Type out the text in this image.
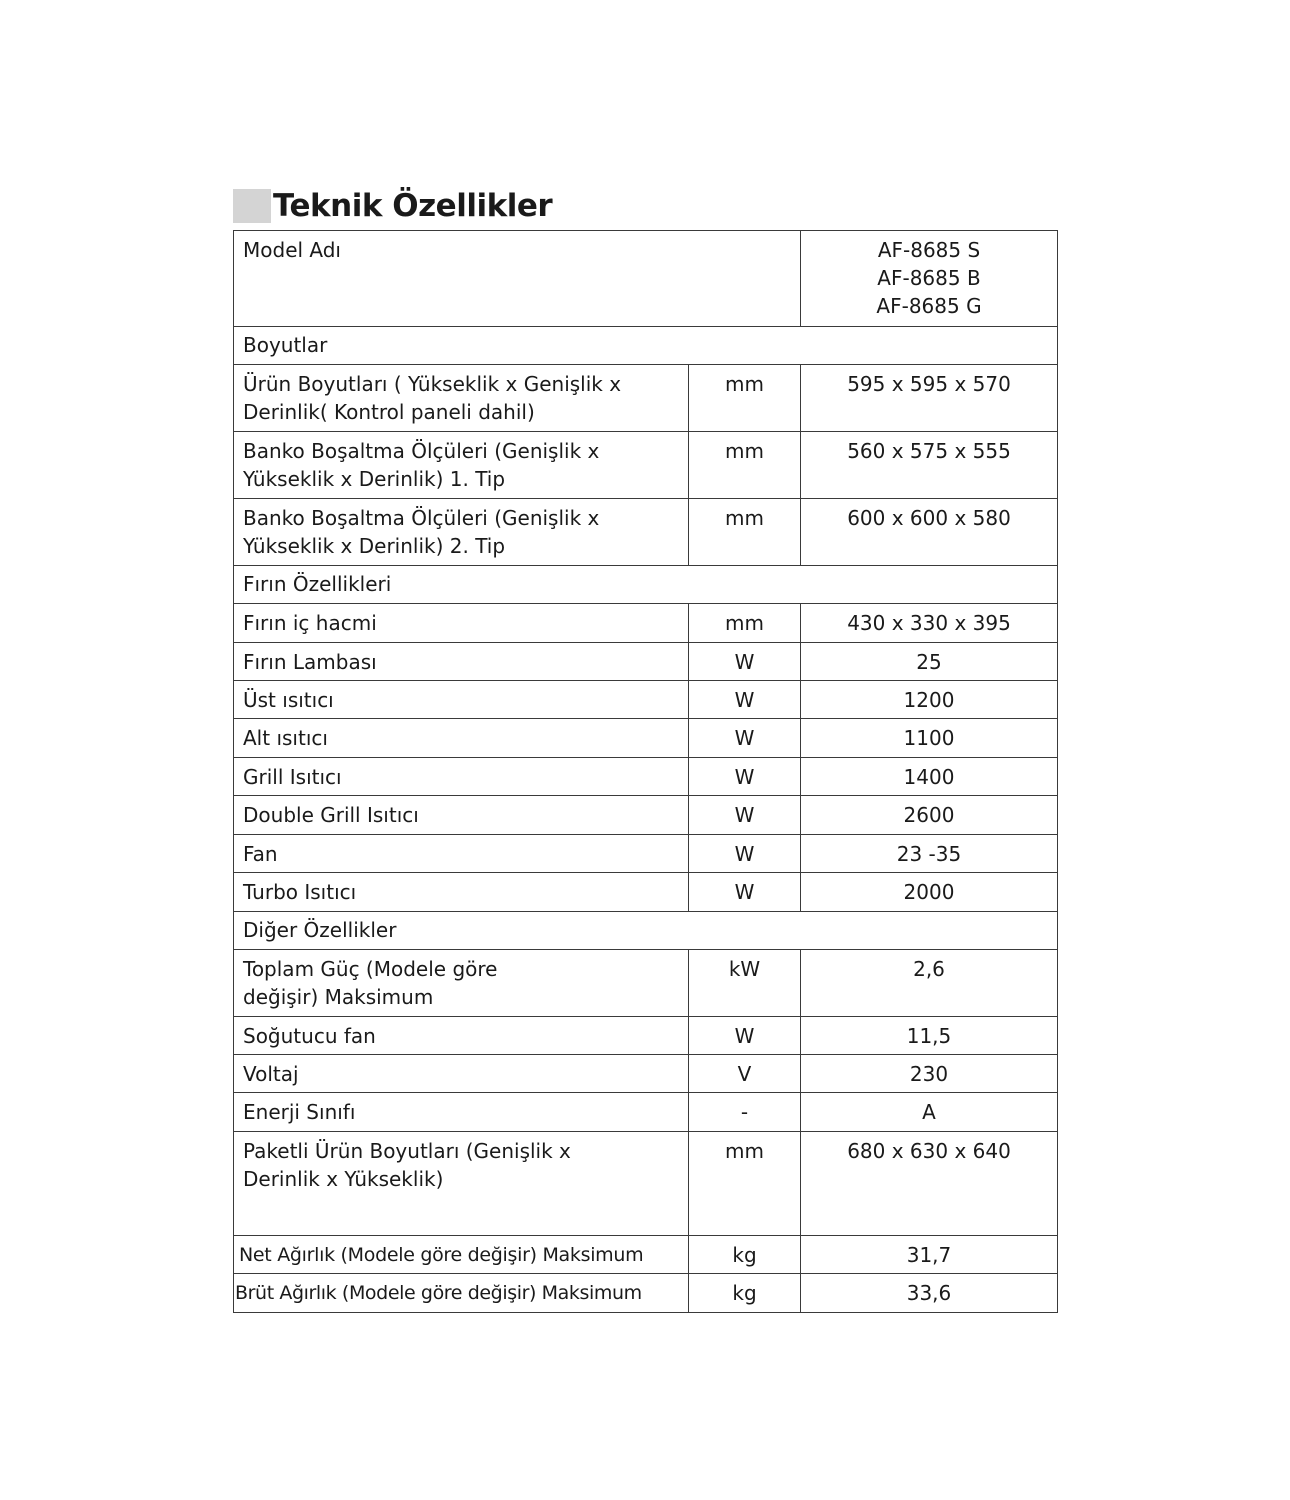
Teknik Özellikler
Model Adı		AF-8685 S
AF-8685 B
AF-8685 G

Boyutlar		
Ürün Boyutları ( Yükseklik x Genişlik x Derinlik( Kontrol paneli dahil)	mm	595 x 595 x 570
Banko Boşaltma Ölçüleri (Genişlik x Yükseklik x Derinlik) 1. Tip	mm	560 x 575 x 555
Banko Boşaltma Ölçüleri (Genişlik x Yükseklik x Derinlik) 2. Tip	mm	600 x 600 x 580
Fırın Özellikleri		
Fırın iç hacmi	mm	430 x 330 x 395
Fırın Lambası	W	25
Üst ısıtıcı	W	1200
Alt ısıtıcı	W	1100
Grill Isıtıcı	W	1400
Double Grill Isıtıcı	W	2600
Fan	W	23 -35
Turbo Isıtıcı	W	2000
Diğer Özellikler		
Toplam Güç (Modele göre değişir) Maksimum	kW	2,6
Soğutucu fan	W	11,5
Voltaj	V	230
Enerji Sınıfı	-	A
Paketli Ürün Boyutları (Genişlik x Derinlik x Yükseklik)	mm	680 x 630 x 640
Net Ağırlık (Modele göre değişir) Maksimum	kg	31,7
Brüt Ağırlık (Modele göre değişir) Maksimum	kg	33,6
